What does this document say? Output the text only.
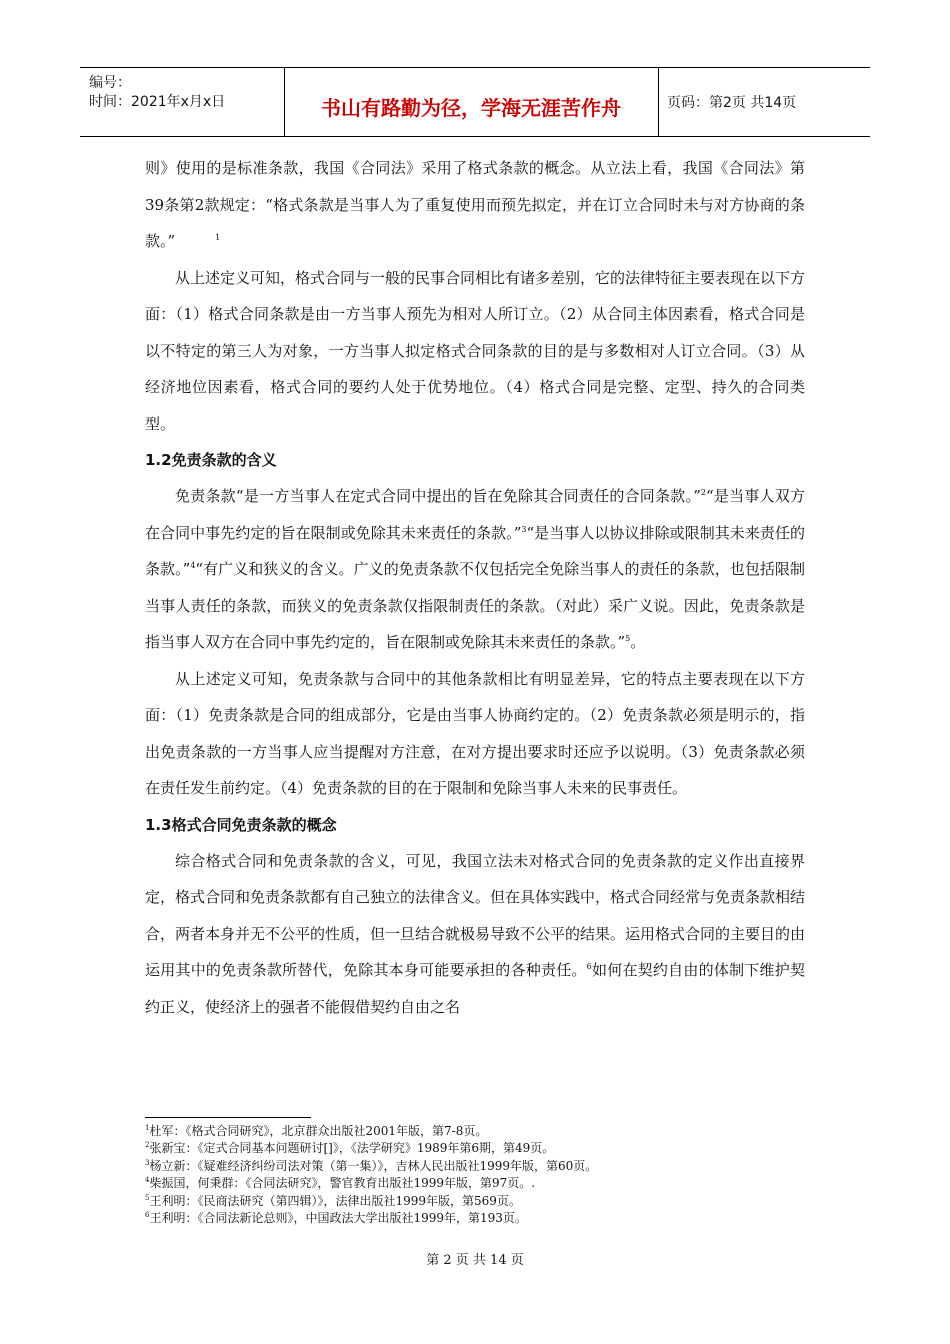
编号：
时间：2021年x月x日	书山有路勤为径，学海无涯苦作舟	页码：第2页 共14页

则》使用的是标准条款，我国《合同法》采用了格式条款的概念。从立法上看，我国《合同法》第39条第2款规定：“格式条款是当事人为了重复使用而预先拟定，并在订立合同时未与对方协商的条款。”	$^1$

从上述定义可知，格式合同与一般的民事合同相比有诸多差别，它的法律特征主要表现在以下方面：（1）格式合同条款是由一方当事人预先为相对人所订立。（2）从合同主体因素看，格式合同是以不特定的第三人为对象，一方当事人拟定格式合同条款的目的是与多数相对人订立合同。（3）从经济地位因素看，格式合同的要约人处于优势地位。（4）格式合同是完整、定型、持久的合同类型。

1.2免责条款的含义

免责条款“是一方当事人在定式合同中提出的旨在免除其合同责任的合同条款。”$^2$“是当事人双方在合同中事先约定的旨在限制或免除其未来责任的条款。”$^3$“是当事人以协议排除或限制其未来责任的条款。”$^4$“有广义和狭义的含义。广义的免责条款不仅包括完全免除当事人的责任的条款，也包括限制当事人责任的条款，而狭义的免责条款仅指限制责任的条款。（对此）采广义说。因此，免责条款是指当事人双方在合同中事先约定的，旨在限制或免除其未来责任的条款。”$^5$。

从上述定义可知，免责条款与合同中的其他条款相比有明显差异，它的特点主要表现在以下方面：（1）免责条款是合同的组成部分，它是由当事人协商约定的。（2）免责条款必须是明示的，指出免责条款的一方当事人应当提醒对方注意，在对方提出要求时还应予以说明。（3）免责条款必须在责任发生前约定。（4）免责条款的目的在于限制和免除当事人未来的民事责任。

1.3格式合同免责条款的概念

综合格式合同和免责条款的含义，可见，我国立法未对格式合同的免责条款的定义作出直接界定，格式合同和免责条款都有自己独立的法律含义。但在具体实践中，格式合同经常与免责条款相结合，两者本身并无不公平的性质，但一旦结合就极易导致不公平的结果。运用格式合同的主要目的由运用其中的免责条款所替代，免除其本身可能要承担的各种责任。$^6$如何在契约自由的体制下维护契约正义，使经济上的强者不能假借契约自由之名

$^1$杜军：《格式合同研究》，北京群众出版社2001年版，第7-8页。
$^2$张新宝：《定式合同基本问题研讨[]》，《法学研究》1989年第6期，第49页。
$^3$杨立新：《疑难经济纠纷司法对策（第一集）》，吉林人民出版社1999年版，第60页。
$^4$柴振国，何秉群：《合同法研究》，警官教育出版社1999年版，第97页。.
$^5$王利明：《民商法研究（第四辑）》，法律出版社1999年版，第569页。
$^6$王利明：《合同法新论总则》，中国政法大学出版社1999年，第193页。
第 2 页 共 14 页
